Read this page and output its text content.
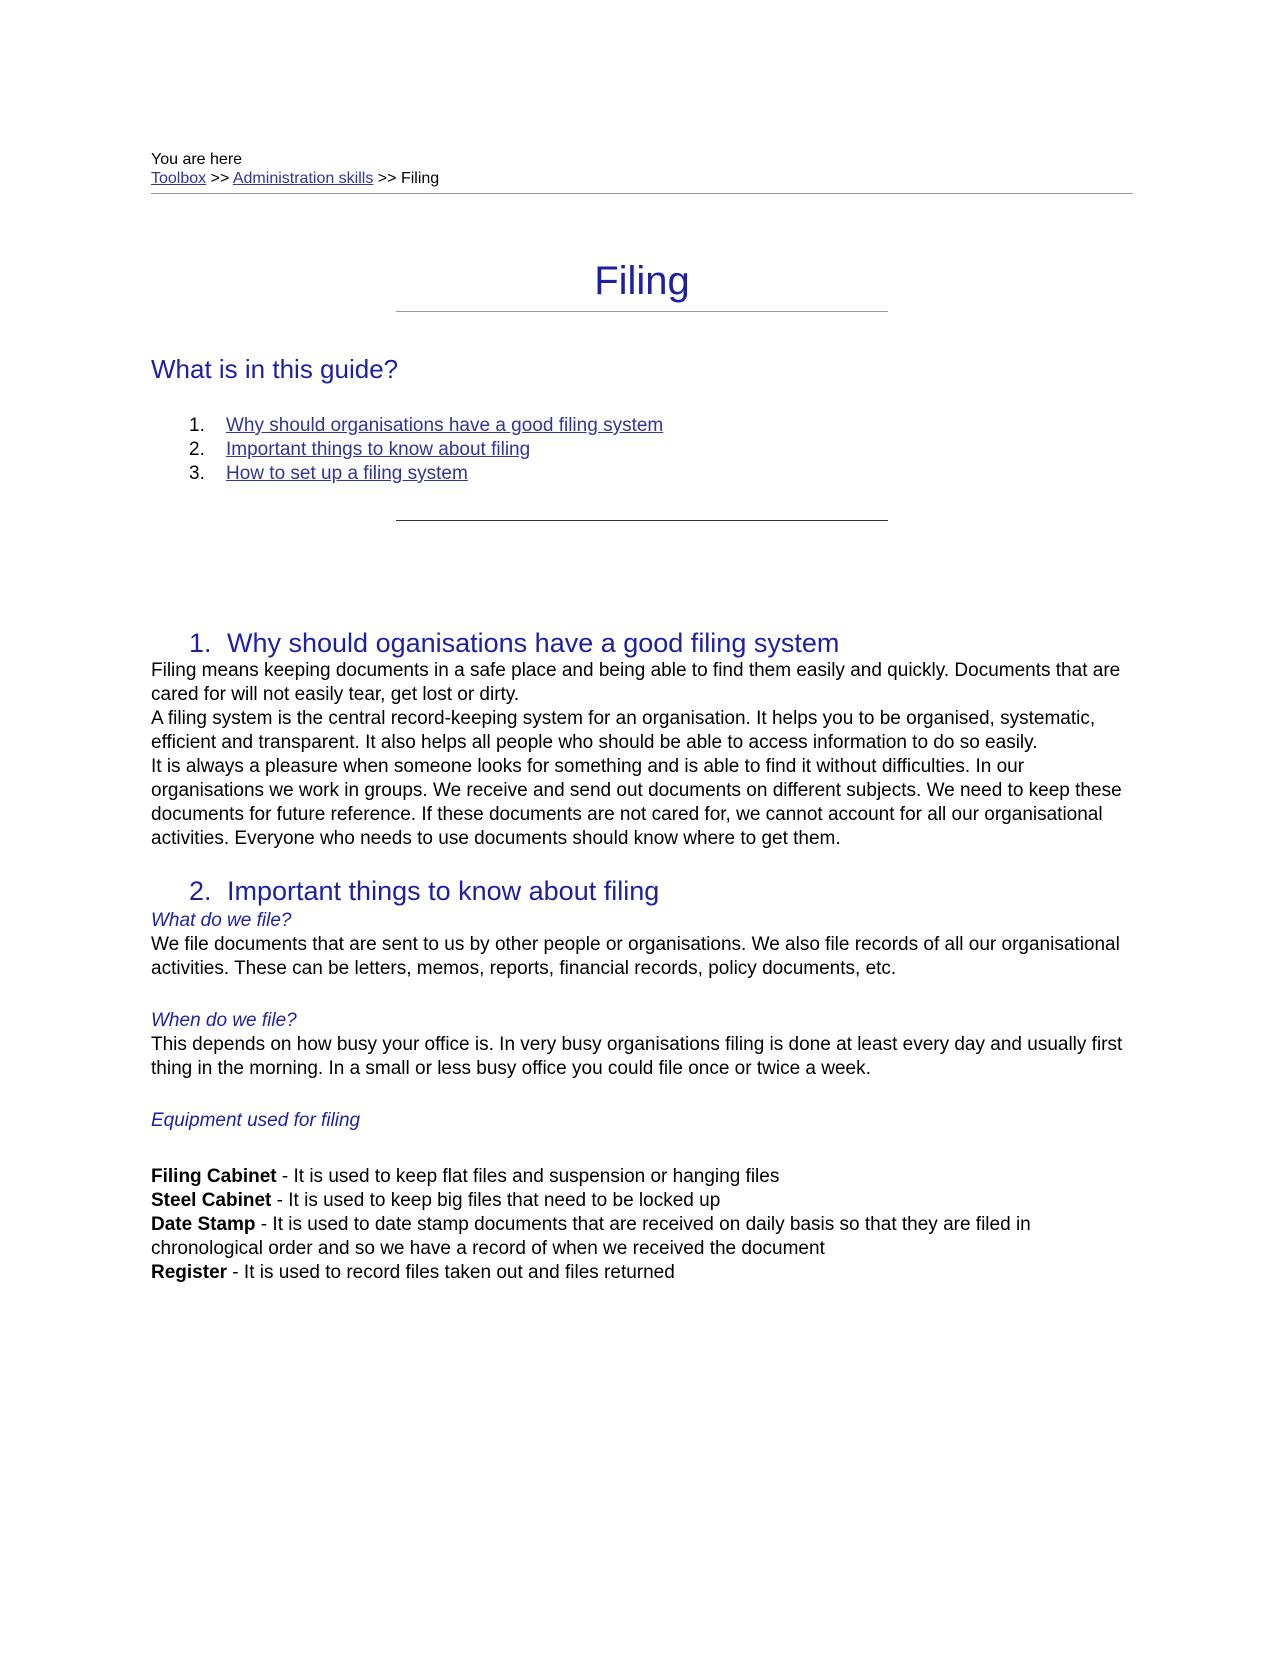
You are here

Toolbox >> Administration skills >> Filing

Filing
What is in this guide?
1. Why should organisations have a good filing system
2. Important things to know about filing
3. How to set up a filing system
1. Why should oganisations have a good filing system

Filing means keeping documents in a safe place and being able to find them easily and quickly. Documents that are cared for will not easily tear, get lost or dirty.

A filing system is the central record-keeping system for an organisation. It helps you to be organised, systematic, efficient and transparent. It also helps all people who should be able to access information to do so easily.

It is always a pleasure when someone looks for something and is able to find it without difficulties. In our organisations we work in groups. We receive and send out documents on different subjects. We need to keep these documents for future reference. If these documents are not cared for, we cannot account for all our organisational activities. Everyone who needs to use documents should know where to get them.

2. Important things to know about filing

What do we file?

We file documents that are sent to us by other people or organisations. We also file records of all our organisational activities. These can be letters, memos, reports, financial records, policy documents, etc.

When do we file?

This depends on how busy your office is. In very busy organisations filing is done at least every day and usually first thing in the morning. In a small or less busy office you could file once or twice a week.

Equipment used for filing

Filing Cabinet - It is used to keep flat files and suspension or hanging files
Steel Cabinet - It is used to keep big files that need to be locked up
Date Stamp - It is used to date stamp documents that are received on daily basis so that they are filed in chronological order and so we have a record of when we received the document
Register - It is used to record files taken out and files returned
